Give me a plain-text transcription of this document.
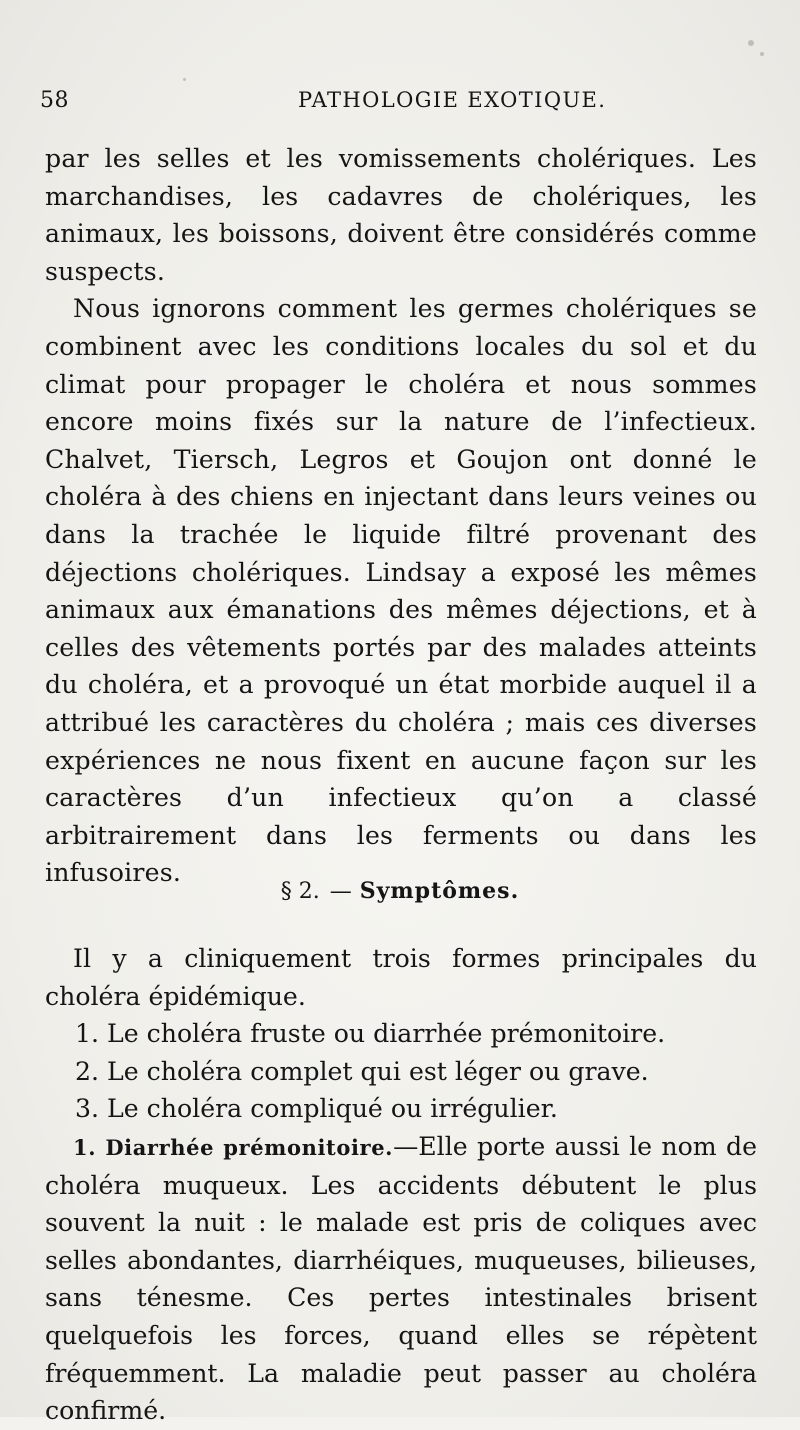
58	PATHOLOGIE EXOTIQUE.

par les selles et les vomissements cholériques. Les marchandises, les cadavres de cholériques, les animaux, les boissons, doivent être considérés comme suspects.

Nous ignorons comment les germes cholériques se combinent avec les conditions locales du sol et du climat pour propager le choléra et nous sommes encore moins fixés sur la nature de l’infectieux. Chalvet, Tiersch, Legros et Goujon ont donné le choléra à des chiens en injectant dans leurs veines ou dans la trachée le liquide filtré provenant des déjections cholériques. Lindsay a exposé les mêmes animaux aux émanations des mêmes déjections, et à celles des vêtements portés par des malades atteints du choléra, et a provoqué un état morbide auquel il a attribué les caractères du choléra ; mais ces diverses expériences ne nous fixent en aucune façon sur les caractères d’un infectieux qu’on a classé arbitrairement dans les ferments ou dans les infusoires.

§ 2. — Symptômes.

Il y a cliniquement trois formes principales du choléra épidémique.

1. Le choléra fruste ou diarrhée prémonitoire.

2. Le choléra complet qui est léger ou grave.

3. Le choléra compliqué ou irrégulier.

1. Diarrhée prémonitoire.—Elle porte aussi le nom de choléra muqueux. Les accidents débutent le plus souvent la nuit : le malade est pris de coliques avec selles abondantes, diarrhéiques, muqueuses, bilieuses, sans ténesme. Ces pertes intestinales brisent quelquefois les forces, quand elles se répètent fréquemment. La maladie peut passer au choléra confirmé.
